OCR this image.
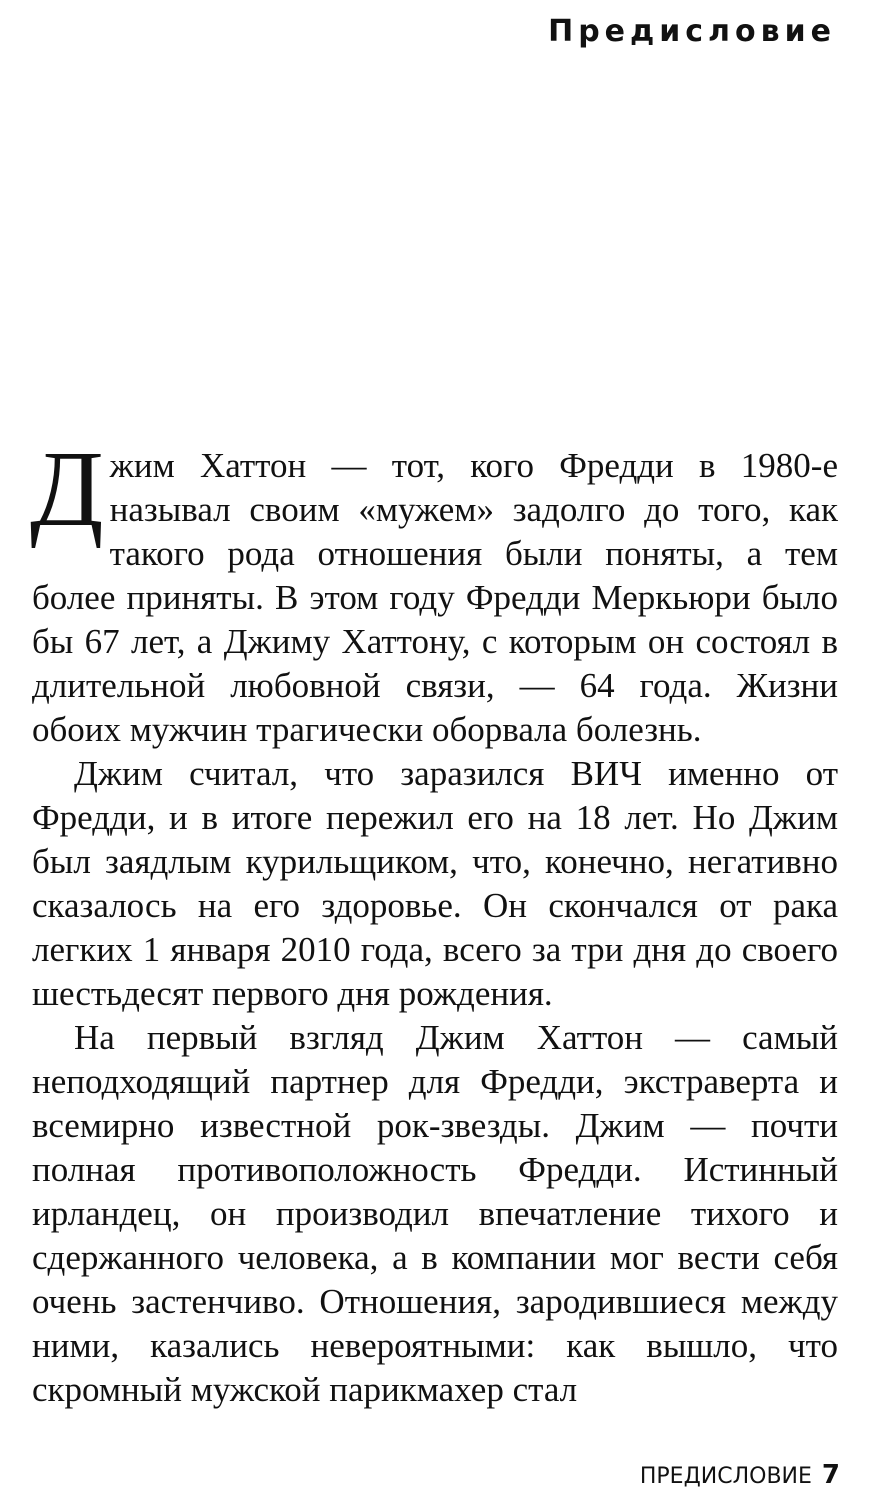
Предисловие

Джим Хаттон — тот, кого Фредди в 1980-е называл своим «мужем» задолго до того, как такого рода отношения были поняты, а тем более приняты. В этом году Фредди Меркьюри было бы 67 лет, а Джиму Хаттону, с которым он состоял в длительной любовной связи, — 64 года. Жизни обоих мужчин трагически оборвала болезнь.

Джим считал, что заразился ВИЧ именно от Фредди, и в итоге пережил его на 18 лет. Но Джим был заядлым курильщиком, что, конечно, негативно сказалось на его здоровье. Он скончался от рака легких 1 января 2010 года, всего за три дня до своего шестьдесят первого дня рождения.

На первый взгляд Джим Хаттон — самый неподходящий партнер для Фредди, экстраверта и всемирно известной рок-звезды. Джим — почти полная противоположность Фредди. Истинный ирландец, он производил впечатление тихого и сдержанного человека, а в компании мог вести себя очень застенчиво. Отношения, зародившиеся между ними, казались невероятными: как вышло, что скромный мужской парикмахер стал

ПРЕДИСЛОВИЕ 7
